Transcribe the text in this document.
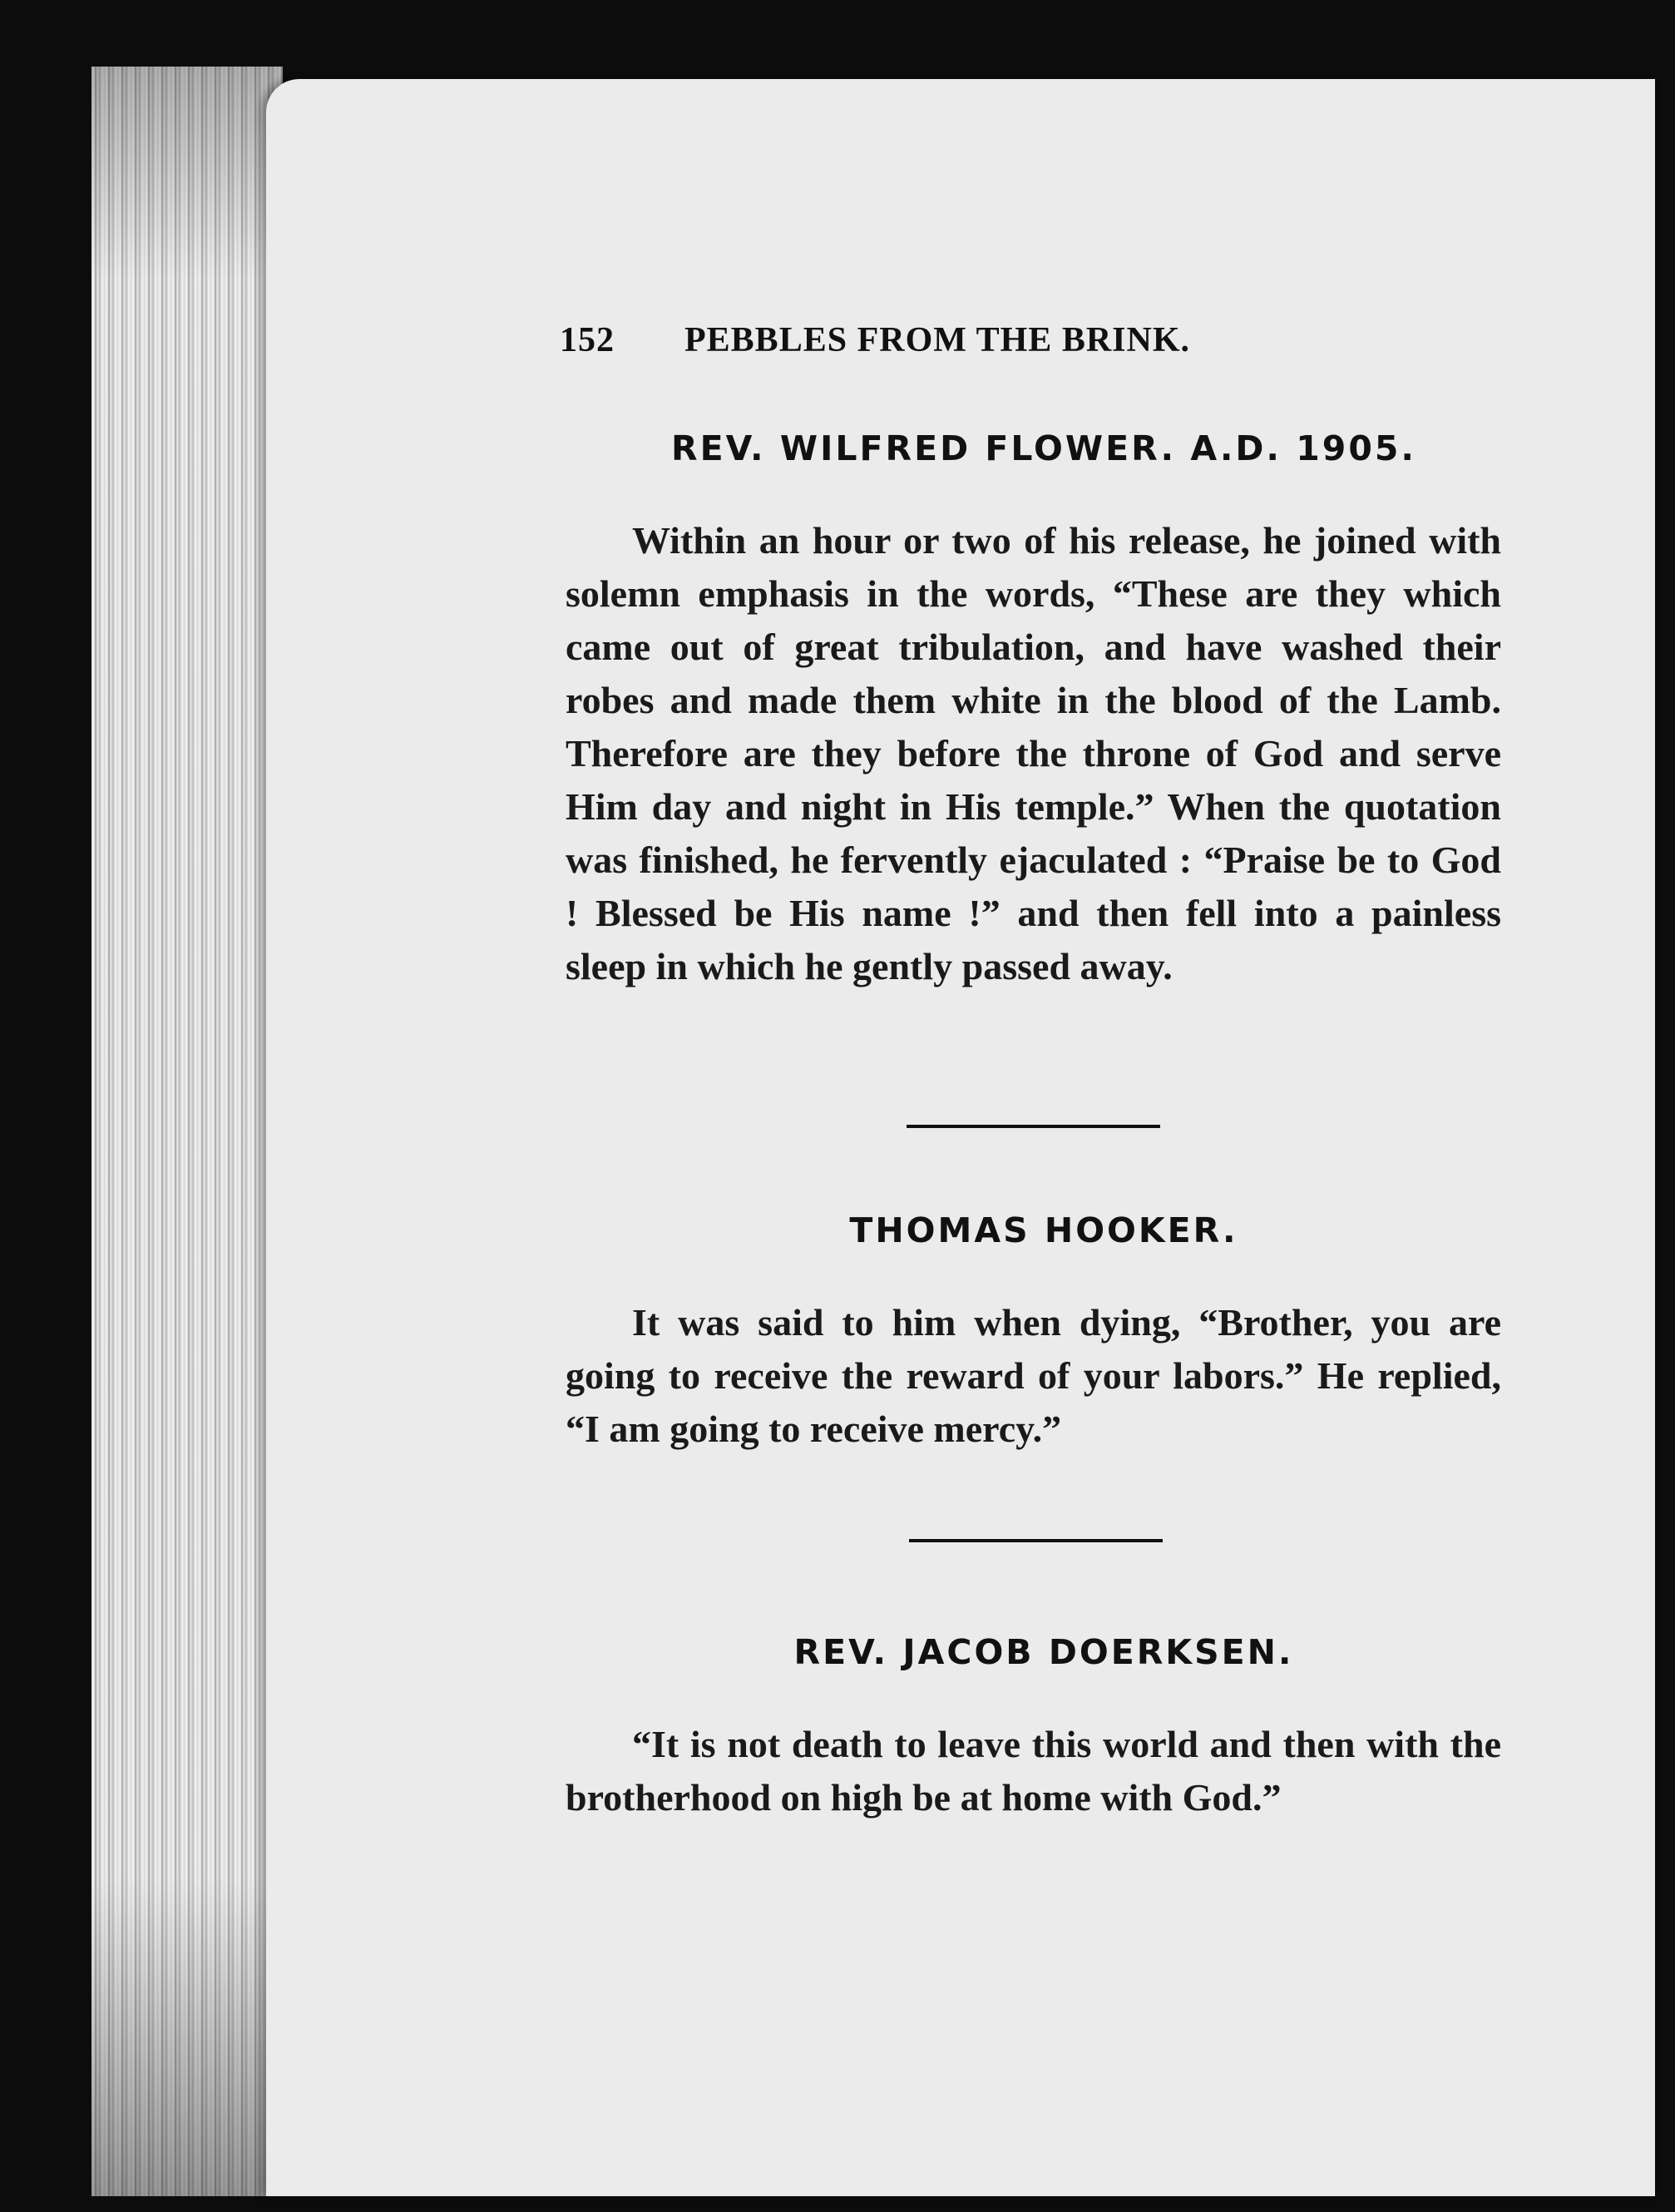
152	PEBBLES FROM THE BRINK.
REV. WILFRED FLOWER. A.D. 1905.

Within an hour or two of his release, he joined with solemn emphasis in the words, “These are they which came out of great tribulation, and have washed their robes and made them white in the blood of the Lamb. Therefore are they before the throne of God and serve Him day and night in His temple.” When the quotation was finished, he fervently ejaculated : “Praise be to God ! Blessed be His name !” and then fell into a painless sleep in which he gently passed away.

THOMAS HOOKER.

It was said to him when dying, “Brother, you are going to receive the reward of your labors.” He replied, “I am going to receive mercy.”

REV. JACOB DOERKSEN.

“It is not death to leave this world and then with the brotherhood on high be at home with God.”
